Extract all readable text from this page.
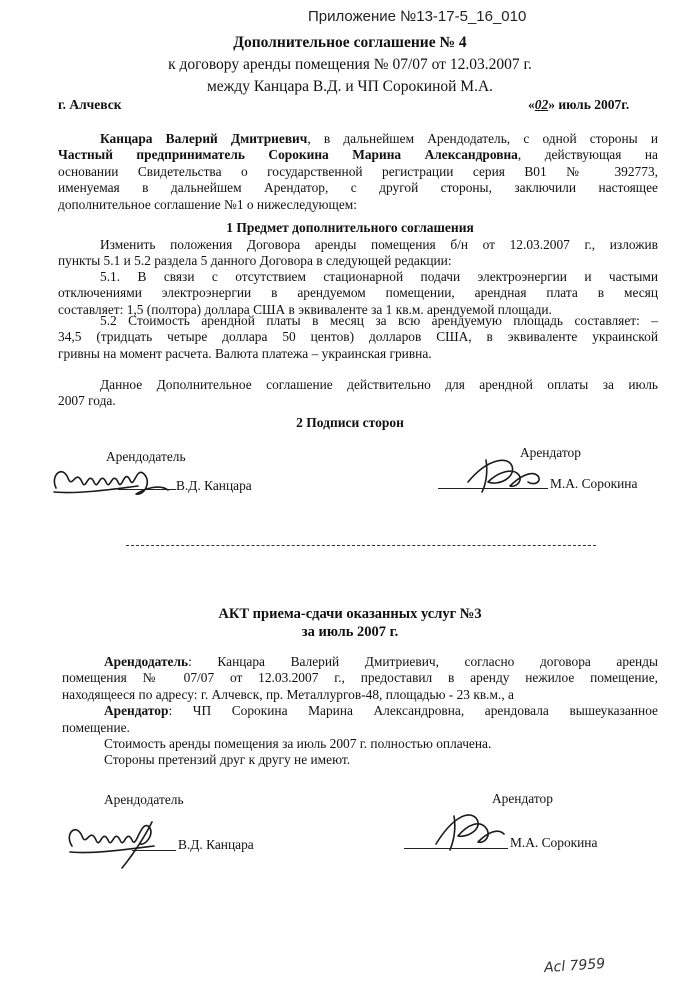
Приложение №13-17-5_16_010
Дополнительное соглашение № 4
к договору аренды помещения № 07/07 от 12.03.2007 г.
между Канцара В.Д. и ЧП Сорокиной М.А.
г. Алчевск	«02» июль 2007г.
Канцара Валерий Дмитриевич, в дальнейшем Арендодатель, с одной стороны и
Частный предприниматель Сорокина Марина Александровна, действующая на
основании Свидетельства о государственной регистрации серия В01 № 392773,
именуемая в дальнейшем Арендатор, с другой стороны, заключили настоящее
дополнительное соглашение №1 о нижеследующем:
1 Предмет дополнительного соглашения
Изменить положения Договора аренды помещения б/н от 12.03.2007 г., изложив
пункты 5.1 и 5.2 раздела 5 данного Договора в следующей редакции:
5.1. В связи с отсутствием стационарной подачи электроэнергии и частыми
отключениями электроэнергии в арендуемом помещении, арендная плата в месяц
составляет: 1,5 (полтора) доллара США в эквиваленте за 1 кв.м. арендуемой площади.
5.2 Стоимость арендной платы в месяц за всю арендуемую площадь составляет: –
34,5 (тридцать четыре доллара 50 центов) долларов США, в эквиваленте украинской
гривны на момент расчета. Валюта платежа – украинская гривна.
Данное Дополнительное соглашение действительно для арендной оплаты за июль
2007 года.
2 Подписи сторон
Арендодатель
В.Д. Канцара
Арендатор
М.А. Сорокина
АКТ приема-сдачи оказанных услуг №3
за июль 2007 г.
Арендодатель: Канцара Валерий Дмитриевич, согласно договора аренды
помещения № 07/07 от 12.03.2007 г., предоставил в аренду нежилое помещение,
находящееся по адресу: г. Алчевск, пр. Металлургов-48, площадью - 23 кв.м., а
Арендатор: ЧП Сорокина Марина Александровна, арендовала вышеуказанное
помещение.
Стоимость аренды помещения за июль 2007 г. полностью оплачена.
Стороны претензий друг к другу не имеют.
Арендодатель
В.Д. Канцара
Арендатор
М.А. Сорокина
Acl 7959
